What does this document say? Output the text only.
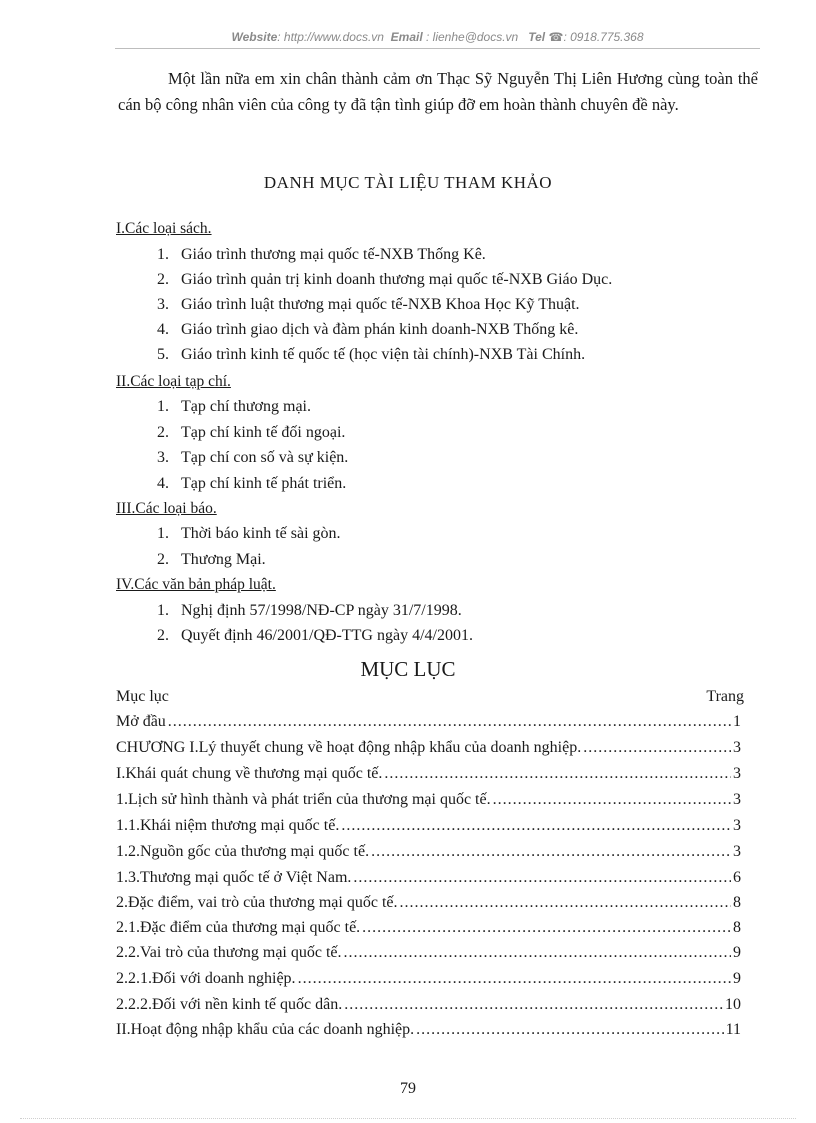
Website: http://www.docs.vn Email : lienhe@docs.vn Tel ☎: 0918.775.368
Một lần nữa em xin chân thành cảm ơn Thạc Sỹ Nguyễn Thị Liên Hương cùng toàn thể cán bộ công nhân viên của công ty đã tận tình giúp đỡ em hoàn thành chuyên đề này.
DANH MỤC TÀI LIỆU THAM KHẢO
I.Các loại sách.
1. Giáo trình thương mại quốc tế-NXB Thống Kê.
2. Giáo trình quản trị kinh doanh thương mại quốc tế-NXB Giáo Dục.
3. Giáo trình luật thương mại quốc tế-NXB Khoa Học Kỹ Thuật.
4. Giáo trình giao dịch và đàm phán kinh doanh-NXB Thống kê.
5. Giáo trình kinh tế quốc tế (học viện tài chính)-NXB Tài Chính.
II.Các loại tạp chí.
1. Tạp chí thương mại.
2. Tạp chí kinh tế đối ngoại.
3. Tạp chí con số và sự kiện.
4. Tạp chí kinh tế phát triển.
III.Các loại báo.
1. Thời báo kinh tế sài gòn.
2. Thương Mại.
IV.Các văn bản pháp luật.
1. Nghị định 57/1998/NĐ-CP ngày 31/7/1998.
2. Quyết định 46/2001/QĐ-TTG ngày 4/4/2001.
MỤC LỤC
Mục lục	Trang
Mở đầu .....	1
CHƯƠNG I.Lý thuyết chung về hoạt động nhập khẩu của doanh nghiệp. .....	3
I.Khái quát chung về thương mại quốc tế. .....	3
1.Lịch sử hình thành và phát triển của thương mại quốc tế. .....	3
1.1.Khái niệm thương mại quốc tế. .....	3
1.2.Nguồn gốc của thương mại quốc tế. .....	3
1.3.Thương mại quốc tế ở Việt Nam. .....	6
2.Đặc điểm, vai trò của thương mại quốc tế. .....	8
2.1.Đặc điểm của thương mại quốc tế. .....	8
2.2.Vai trò của thương mại quốc tế. .....	9
2.2.1.Đối với doanh nghiệp. .....	9
2.2.2.Đối với nền kinh tế quốc dân. .....	10
II.Hoạt động nhập khẩu của các doanh nghiệp. .....	11
79
